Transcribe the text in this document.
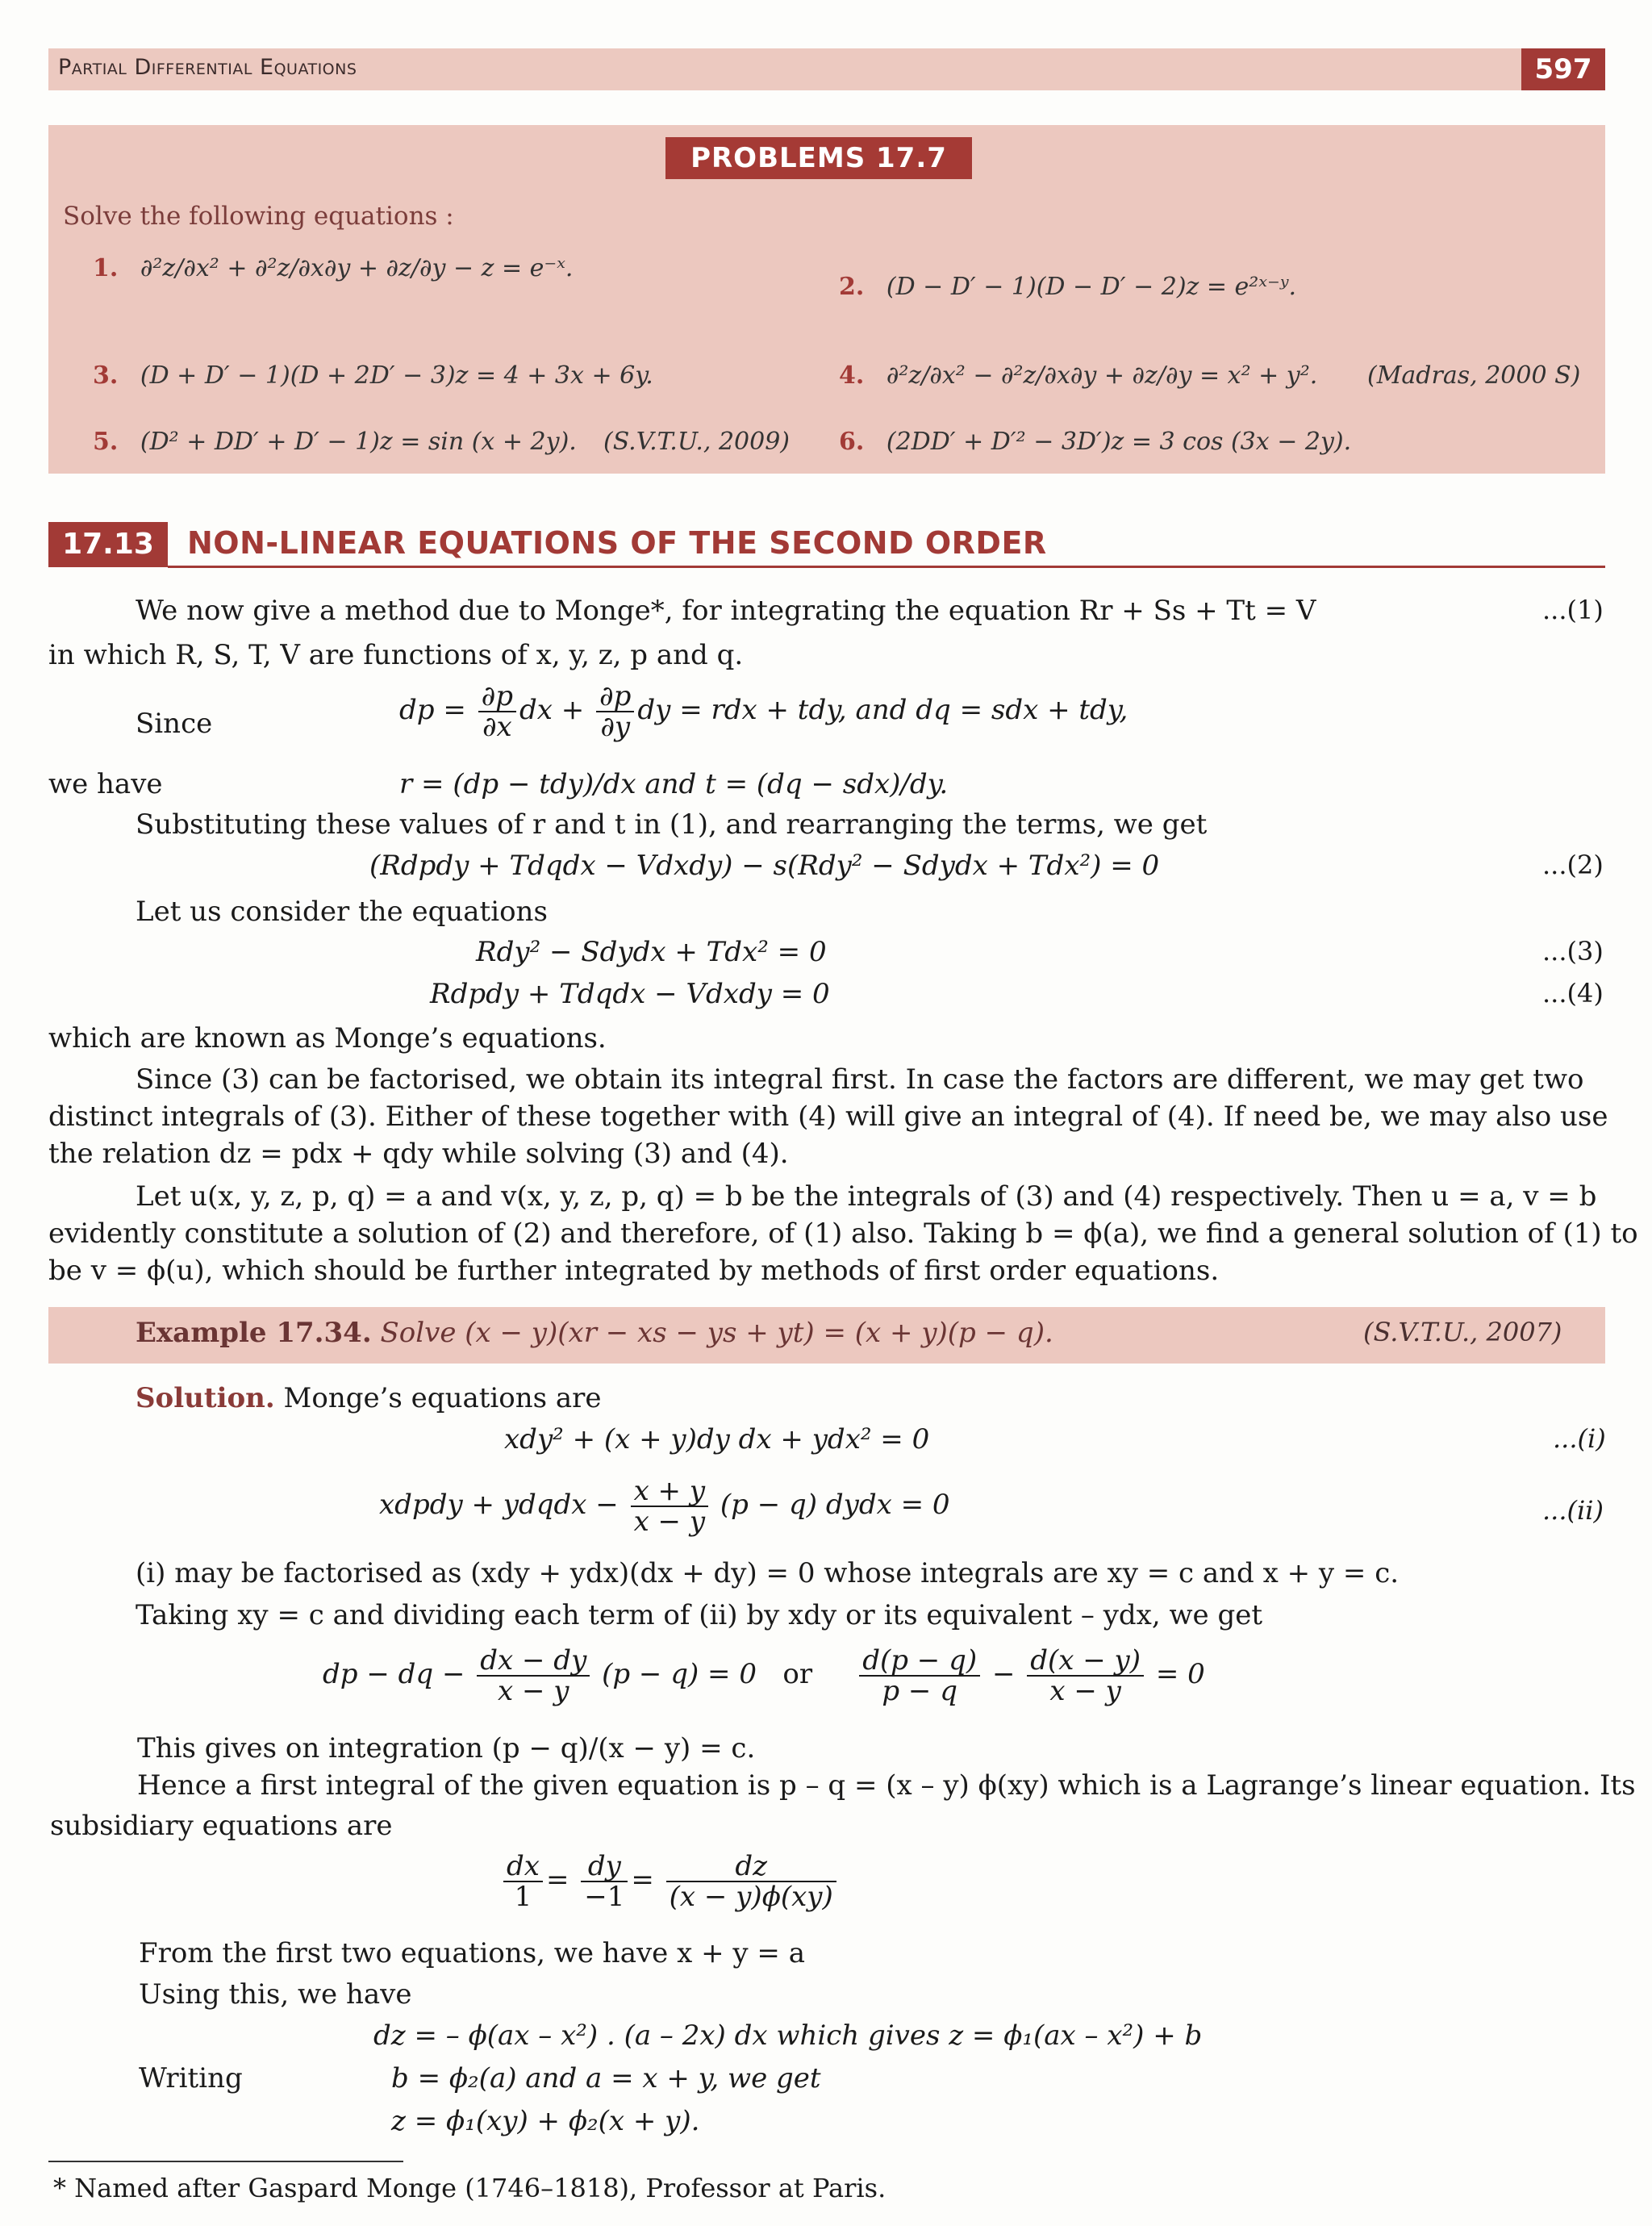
Partial Differential Equations	597
PROBLEMS 17.7
Solve the following equations :
1. ∂²z/∂x² + ∂²z/∂x∂y + ∂z/∂y − z = e⁻ˣ.
2. (D − D′ − 1)(D − D′ − 2)z = e²ˣ⁻ʸ.
3. (D + D′ − 1)(D + 2D′ − 3)z = 4 + 3x + 6y.	4. ∂²z/∂x² − ∂²z/∂x∂y + ∂z/∂y = x² + y². (Madras, 2000 S)
5. (D² + DD′ + D′ − 1)z = sin (x + 2y). (S.V.T.U., 2009) 6. (2DD′ + D′² − 3D′)z = 3 cos (3x − 2y).
17.13	NON-LINEAR EQUATIONS OF THE SECOND ORDER
We now give a method due to Monge*, for integrating the equation Rr + Ss + Tt = V	...(1)
in which R, S, T, V are functions of x, y, z, p and q.
Since	dp = $\frac{\partial p}{\partial x}$ dx + $\frac{\partial p}{\partial y}$ dy = rdx + tdy, and dq = sdx + tdy,
we have	r = (dp − tdy)/dx and t = (dq − sdx)/dy.
Substituting these values of r and t in (1), and rearranging the terms, we get
(Rdpdy + Tdqdx − Vdxdy) − s(Rdy² − Sdydx + Tdx²) = 0	...(2)
Let us consider the equations
Rdy² − Sdydx + Tdx² = 0	...(3)
Rdpdy + Tdqdx − Vdxdy = 0	...(4)
which are known as Monge’s equations.
Since (3) can be factorised, we obtain its integral first. In case the factors are different, we may get two
distinct integrals of (3). Either of these together with (4) will give an integral of (4). If need be, we may also use
the relation dz = pdx + qdy while solving (3) and (4).
Let u(x, y, z, p, q) = a and v(x, y, z, p, q) = b be the integrals of (3) and (4) respectively. Then u = a, v = b
evidently constitute a solution of (2) and therefore, of (1) also. Taking b = ϕ(a), we find a general solution of (1) to
be v = ϕ(u), which should be further integrated by methods of first order equations.
Example 17.34. Solve (x − y)(xr − xs − ys + yt) = (x + y)(p − q).	(S.V.T.U., 2007)
Solution. Monge’s equations are
xdy² + (x + y)dy dx + ydx² = 0	...(i)
xdpdy + ydqdx − $\frac{x + y}{x - y} (p - q)$ dydx = 0	...(ii)
(i) may be factorised as (xdy + ydx)(dx + dy) = 0 whose integrals are xy = c and x + y = c.
Taking xy = c and dividing each term of (ii) by xdy or its equivalent – ydx, we get
dp − dq − $\frac{dx - dy}{x - y} (p - q) = 0$   or $\frac{d(p - q)}{p - q} - \frac{d(x - y)}{x - y} = 0$
This gives on integration (p − q)/(x − y) = c.
Hence a first integral of the given equation is p – q = (x – y) ϕ(xy) which is a Lagrange’s linear equation. Its
subsidiary equations are
$\frac{dx}{1} = \frac{dy}{-1} = \frac{dz}{(x - y)\phi(xy)}$
From the first two equations, we have x + y = a
Using this, we have
dz = – ϕ(ax – x²) . (a – 2x) dx which gives z = ϕ₁(ax – x²) + b
Writing	b = ϕ₂(a) and a = x + y, we get
z = ϕ₁(xy) + ϕ₂(x + y).
* Named after Gaspard Monge (1746–1818), Professor at Paris.
